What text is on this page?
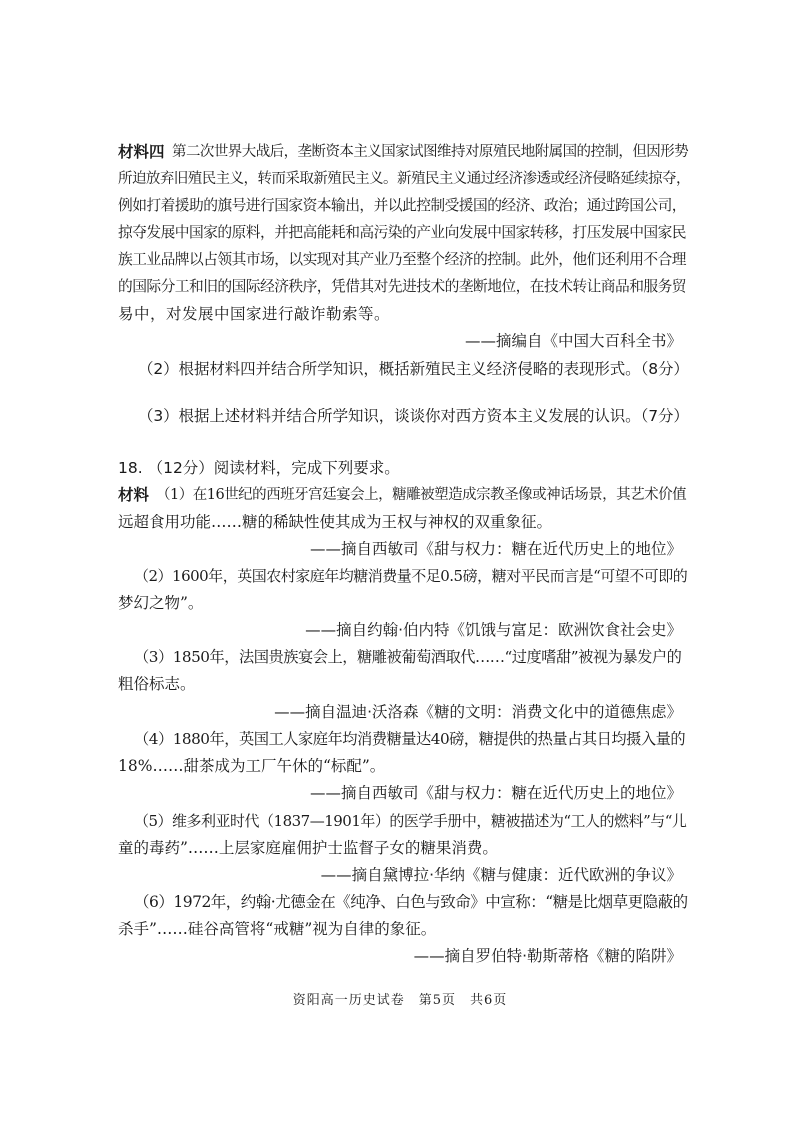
材料四 第二次世界大战后，垄断资本主义国家试图维持对原殖民地附属国的控制，但因形势
所迫放弃旧殖民主义，转而采取新殖民主义。新殖民主义通过经济渗透或经济侵略延续掠夺，
例如打着援助的旗号进行国家资本输出，并以此控制受援国的经济、政治；通过跨国公司，
掠夺发展中国家的原料，并把高能耗和高污染的产业向发展中国家转移，打压发展中国家民
族工业品牌以占领其市场，以实现对其产业乃至整个经济的控制。此外，他们还利用不合理
的国际分工和旧的国际经济秩序，凭借其对先进技术的垄断地位，在技术转让商品和服务贸
易中，对发展中国家进行敲诈勒索等。
——摘编自《中国大百科全书》
（2）根据材料四并结合所学知识，概括新殖民主义经济侵略的表现形式。（8分）
（3）根据上述材料并结合所学知识，谈谈你对西方资本主义发展的认识。（7分）
18. （12分）阅读材料，完成下列要求。
材料 （1）在16世纪的西班牙宫廷宴会上，糖雕被塑造成宗教圣像或神话场景，其艺术价值
远超食用功能……糖的稀缺性使其成为王权与神权的双重象征。
——摘自西敏司《甜与权力：糖在近代历史上的地位》
（2）1600年，英国农村家庭年均糖消费量不足0.5磅，糖对平民而言是“可望不可即的
梦幻之物”。
——摘自约翰·伯内特《饥饿与富足：欧洲饮食社会史》
（3）1850年，法国贵族宴会上，糖雕被葡萄酒取代……“过度嗜甜”被视为暴发户的
粗俗标志。
——摘自温迪·沃洛森《糖的文明：消费文化中的道德焦虑》
（4）1880年，英国工人家庭年均消费糖量达40磅，糖提供的热量占其日均摄入量的
18%……甜茶成为工厂午休的“标配”。
——摘自西敏司《甜与权力：糖在近代历史上的地位》
（5）维多利亚时代（1837—1901年）的医学手册中，糖被描述为“工人的燃料”与“儿
童的毒药”……上层家庭雇佣护士监督子女的糖果消费。
——摘自黛博拉·华纳《糖与健康：近代欧洲的争议》
（6）1972年，约翰·尤德金在《纯净、白色与致命》中宣称：“糖是比烟草更隐蔽的
杀手”……硅谷高管将“戒糖”视为自律的象征。
——摘自罗伯特·勒斯蒂格《糖的陷阱》
资阳高一历史试卷　第5页　共6页
